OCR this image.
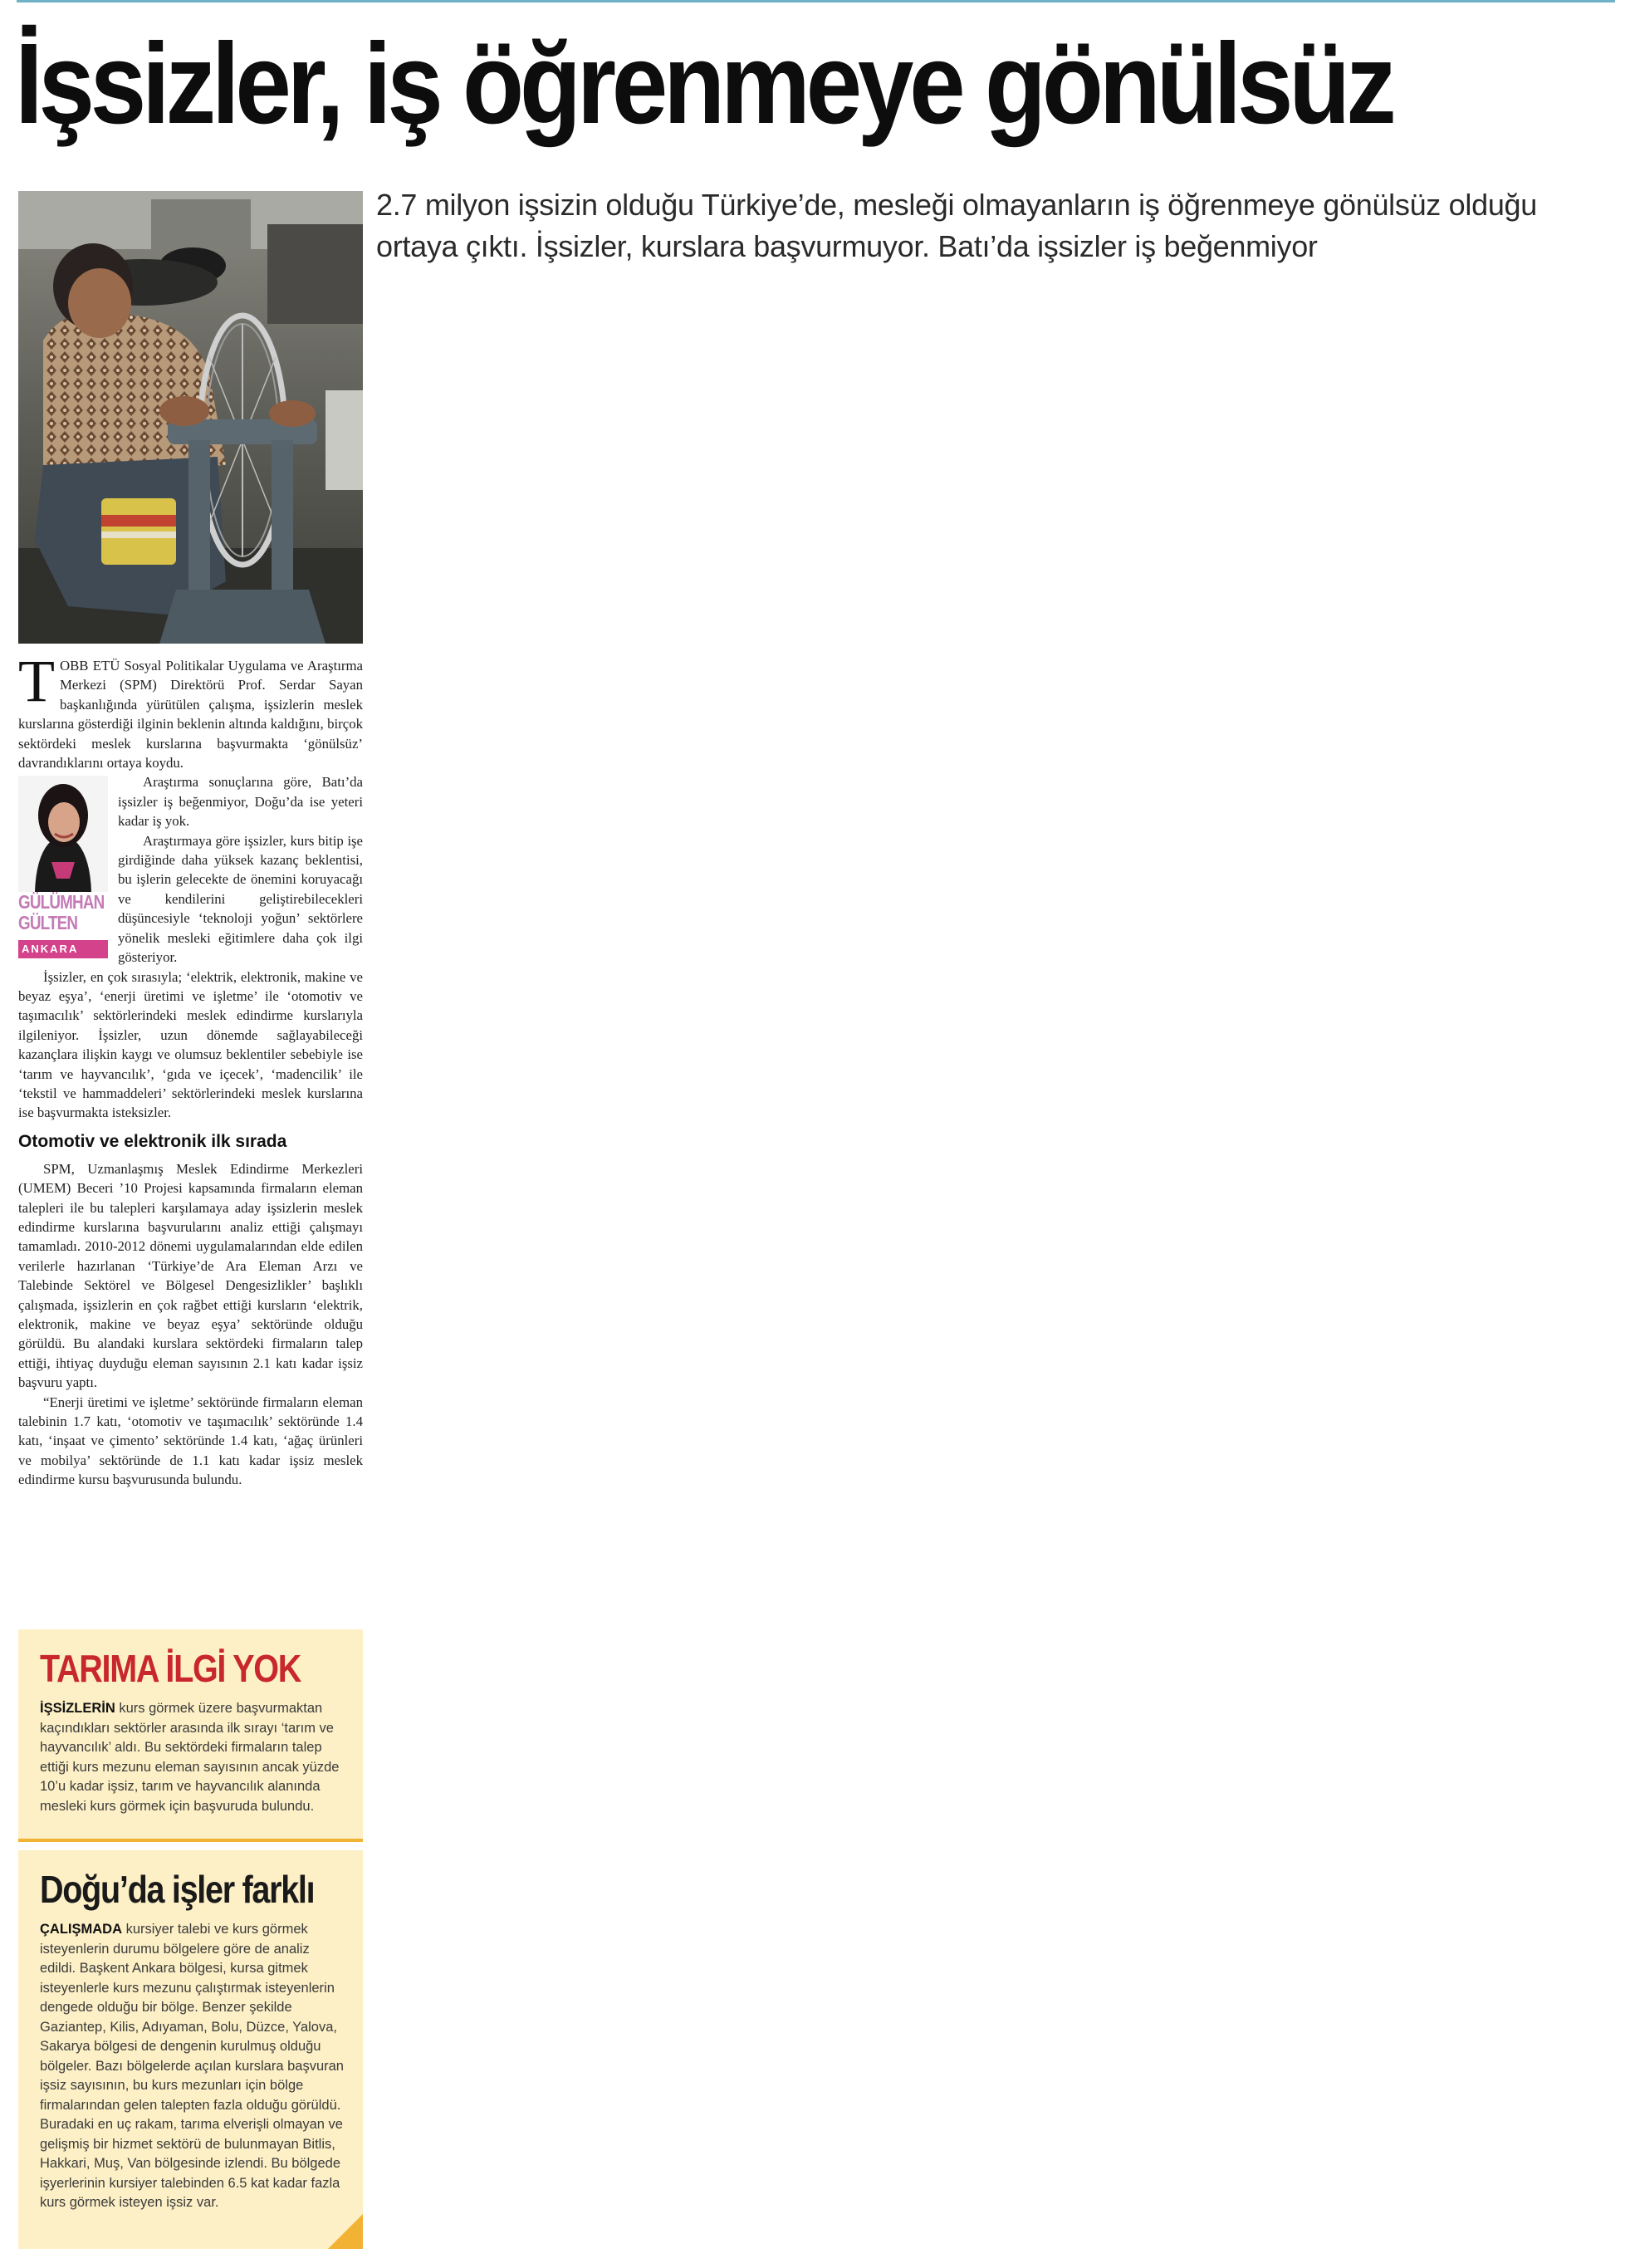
İşsizler, iş öğrenmeye gönülsüz
2.7 milyon işsizin olduğu Türkiye’de, mesleği olmayanların iş öğrenmeye gönülsüz olduğu ortaya çıktı. İşsizler, kurslara başvurmuyor. Batı’da işsizler iş beğenmiyor

TOBB ETÜ Sosyal Politikalar Uygulama ve Araştırma Merkezi (SPM) Direktörü Prof. Serdar Sayan başkanlığında yürütülen çalışma, işsizlerin meslek kurslarına gösterdiği ilginin beklenin altında kaldığını, birçok sektördeki meslek kurslarına başvurmakta ‘gönülsüz’ davrandıklarını ortaya koydu.

GÜLÜMHAN GÜLTEN
ANKARA

Araştırma sonuçlarına göre, Batı’da işsizler iş beğenmiyor, Doğu’da ise yeteri kadar iş yok.

Araştırmaya göre işsizler, kurs bitip işe girdiğinde daha yüksek kazanç beklentisi, bu işlerin gelecekte de önemini koruyacağı ve kendilerini geliştirebilecekleri düşüncesiyle ‘teknoloji yoğun’ sektörlere yönelik mesleki eğitimlere daha çok ilgi gösteriyor.

İşsizler, en çok sırasıyla; ‘elektrik, elektronik, makine ve beyaz eşya’, ‘enerji üretimi ve işletme’ ile ‘otomotiv ve taşımacılık’ sektörlerindeki meslek edindirme kurslarıyla ilgileniyor. İşsizler, uzun dönemde sağlayabileceği kazançlara ilişkin kaygı ve olumsuz beklentiler sebebiyle ise ‘tarım ve hayvancılık’, ‘gıda ve içecek’, ‘madencilik’ ile ‘tekstil ve hammaddeleri’ sektörlerindeki meslek kurslarına ise başvurmakta isteksizler.

Otomotiv ve elektronik ilk sırada

SPM, Uzmanlaşmış Meslek Edindirme Merkezleri (UMEM) Beceri ’10 Projesi kapsamında firmaların eleman talepleri ile bu talepleri karşılamaya aday işsizlerin meslek edindirme kurslarına başvurularını analiz ettiği çalışmayı tamamladı. 2010-2012 dönemi uygulamalarından elde edilen verilerle hazırlanan ‘Türkiye’de Ara Eleman Arzı ve Talebinde Sektörel ve Bölgesel Dengesizlikler’ başlıklı çalışmada, işsizlerin en çok rağbet ettiği kursların ‘elektrik, elektronik, makine ve beyaz eşya’ sektöründe olduğu görüldü. Bu alandaki kurslara sektördeki firmaların talep ettiği, ihtiyaç duyduğu eleman sayısının 2.1 katı kadar işsiz başvuru yaptı.

“Enerji üretimi ve işletme’ sektöründe firmaların eleman talebinin 1.7 katı, ‘otomotiv ve taşımacılık’ sektöründe 1.4 katı, ‘inşaat ve çimento’ sektöründe 1.4 katı, ‘ağaç ürünleri ve mobilya’ sektöründe de 1.1 katı kadar işsiz meslek edindirme kursu başvurusunda bulundu.

TARIMA İLGİ YOK

İŞSİZLERİN kurs görmek üzere başvurmaktan kaçındıkları sektörler arasında ilk sırayı ‘tarım ve hayvancılık’ aldı. Bu sektördeki firmaların talep ettiği kurs mezunu eleman sayısının ancak yüzde 10’u kadar işsiz, tarım ve hayvancılık alanında mesleki kurs görmek için başvuruda bulundu.

Doğu’da işler farklı

ÇALIŞMADA kursiyer talebi ve kurs görmek isteyenlerin durumu bölgelere göre de analiz edildi. Başkent Ankara bölgesi, kursa gitmek isteyenlerle kurs mezunu çalıştırmak isteyenlerin dengede olduğu bir bölge. Benzer şekilde Gaziantep, Kilis, Adıyaman, Bolu, Düzce, Yalova, Sakarya bölgesi de dengenin kurulmuş olduğu bölgeler. Bazı bölgelerde açılan kurslara başvuran işsiz sayısının, bu kurs mezunları için bölge firmalarından gelen talepten fazla olduğu görüldü. Buradaki en uç rakam, tarıma elverişli olmayan ve gelişmiş bir hizmet sektörü de bulunmayan Bitlis, Hakkari, Muş, Van bölgesinde izlendi. Bu bölgede işyerlerinin kursiyer talebinden 6.5 kat kadar fazla kurs görmek isteyen işsiz var.
